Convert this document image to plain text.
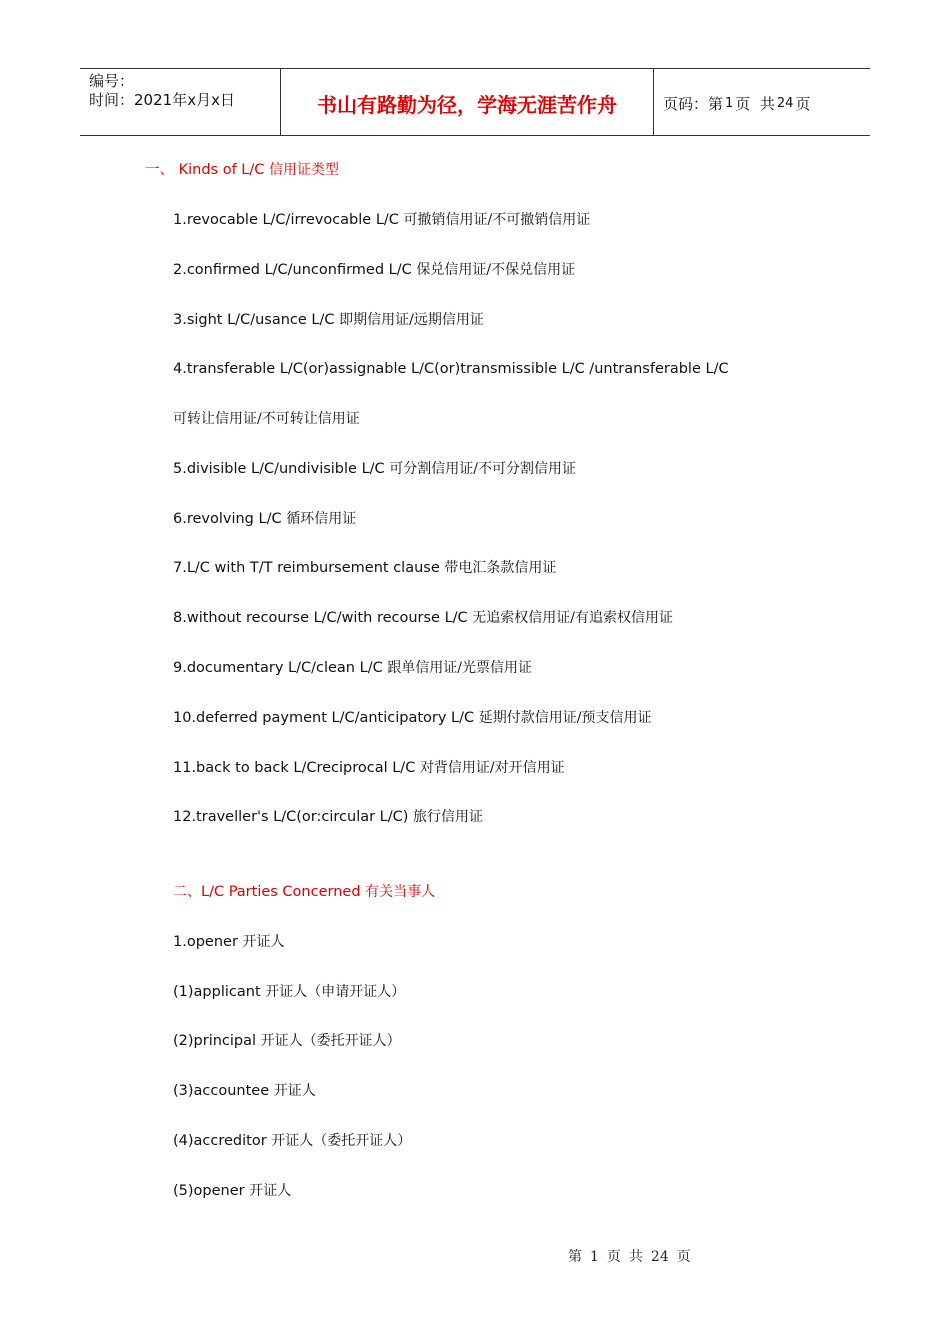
编号：
时间：2021年x月x日	书山有路勤为径，学海无涯苦作舟	页码：第 1 页  共 24 页
一、 Kinds of L/C 信用证类型
1.revocable L/C/irrevocable L/C 可撤销信用证/不可撤销信用证
2.confirmed L/C/unconfirmed L/C 保兑信用证/不保兑信用证
3.sight L/C/usance L/C 即期信用证/远期信用证
4.transferable L/C(or)assignable L/C(or)transmissible L/C /untransferable L/C
可转让信用证/不可转让信用证
5.divisible L/C/undivisible L/C 可分割信用证/不可分割信用证
6.revolving L/C 循环信用证
7.L/C with T/T reimbursement clause 带电汇条款信用证
8.without recourse L/C/with recourse L/C 无追索权信用证/有追索权信用证
9.documentary L/C/clean L/C 跟单信用证/光票信用证
10.deferred payment L/C/anticipatory L/C 延期付款信用证/预支信用证
11.back to back L/Creciprocal L/C 对背信用证/对开信用证
12.traveller's L/C(or:circular L/C) 旅行信用证
二、L/C Parties Concerned 有关当事人
1.opener 开证人
(1)applicant 开证人（申请开证人）
(2)principal 开证人（委托开证人）
(3)accountee 开证人
(4)accreditor 开证人（委托开证人）
(5)opener 开证人
第 1 页 共 24 页
